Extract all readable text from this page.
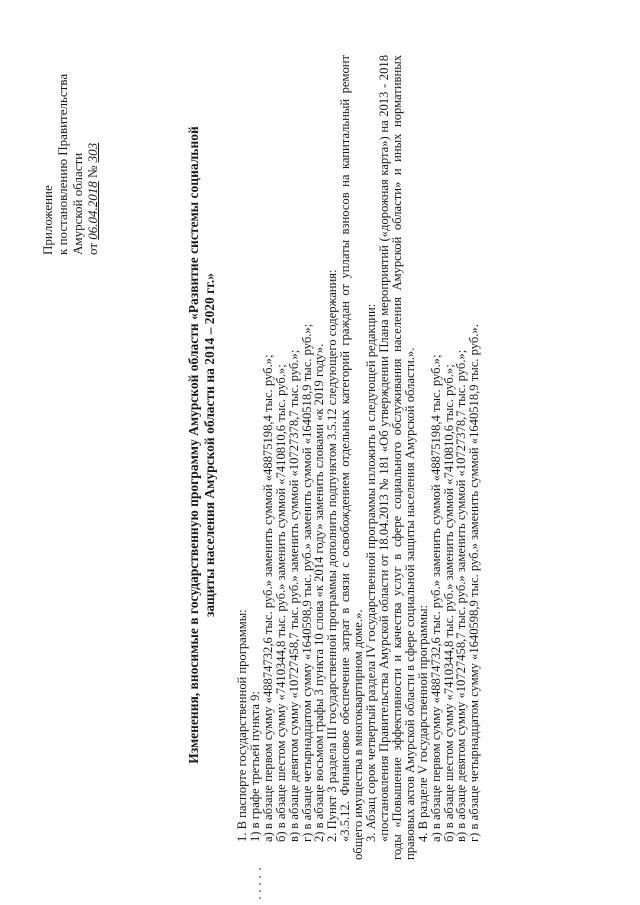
Приложение к постановлению Правительства Амурской области от 06.04.2018 № 303	Изменения, вносимые в государственную программу Амурской области «Развитие системы социальной защиты населения Амурской области на 2014 – 2020 гг.»

1. В паспорте государственной программы:

1) в графе третьей пункта 9:

а) в абзаце первом сумму «48874732,6 тыс. руб.» заменить суммой «48875198,4 тыс. руб.»;

б) в абзаце шестом сумму «7410344,8 тыс. руб.» заменить суммой «7410810,6 тыс. руб.»;

в) в абзаце девятом сумму «10727458,7 тыс. руб.» заменить суммой «10727378,7 тыс. руб.»;

г) в абзаце четырнадцатом сумму «1640598,9 тыс. руб.» заменить суммой «1640518,9 тыс. руб.»;

2) в абзаце восьмом графы 3 пункта 10 слова «к 2014 году» заменить словами «к 2019 году».

2. Пункт 3 раздела III государственной программы дополнить подпунктом 3.5.12 следующего содержания:

«3.5.12. Финансовое обеспечение затрат в связи с освобождением отдельных категорий граждан от уплаты взносов на капитальный ремонт общего имущества в многоквартирном доме.».

3. Абзац сорок четвертый раздела IV государственной программы изложить в следующей редакции:

«постановления Правительства Амурской области от 18.04.2013 № 181 «Об утверждении Плана мероприятий («дорожная карта») на 2013 - 2018 годы «Повышение эффективности и качества услуг в сфере социального обслуживания населения Амурской области» и иных нормативных правовых актов Амурской области в сфере социальной защиты населения Амурской области.».

4. В разделе V государственной программы:

а) в абзаце первом сумму «48874732,6 тыс. руб.» заменить суммой «48875198,4 тыс. руб.»;

б) в абзаце шестом сумму «7410344,8 тыс. руб.» заменить суммой «7410810,6 тыс. руб.»;

в) в абзаце девятом сумму «10727458,7 тыс. руб.» заменить суммой «10727378,7 тыс. руб.»;

г) в абзаце четырнадцатом сумму «1640598,9 тыс. руб.» заменить суммой «1640518,9 тыс. руб.».
